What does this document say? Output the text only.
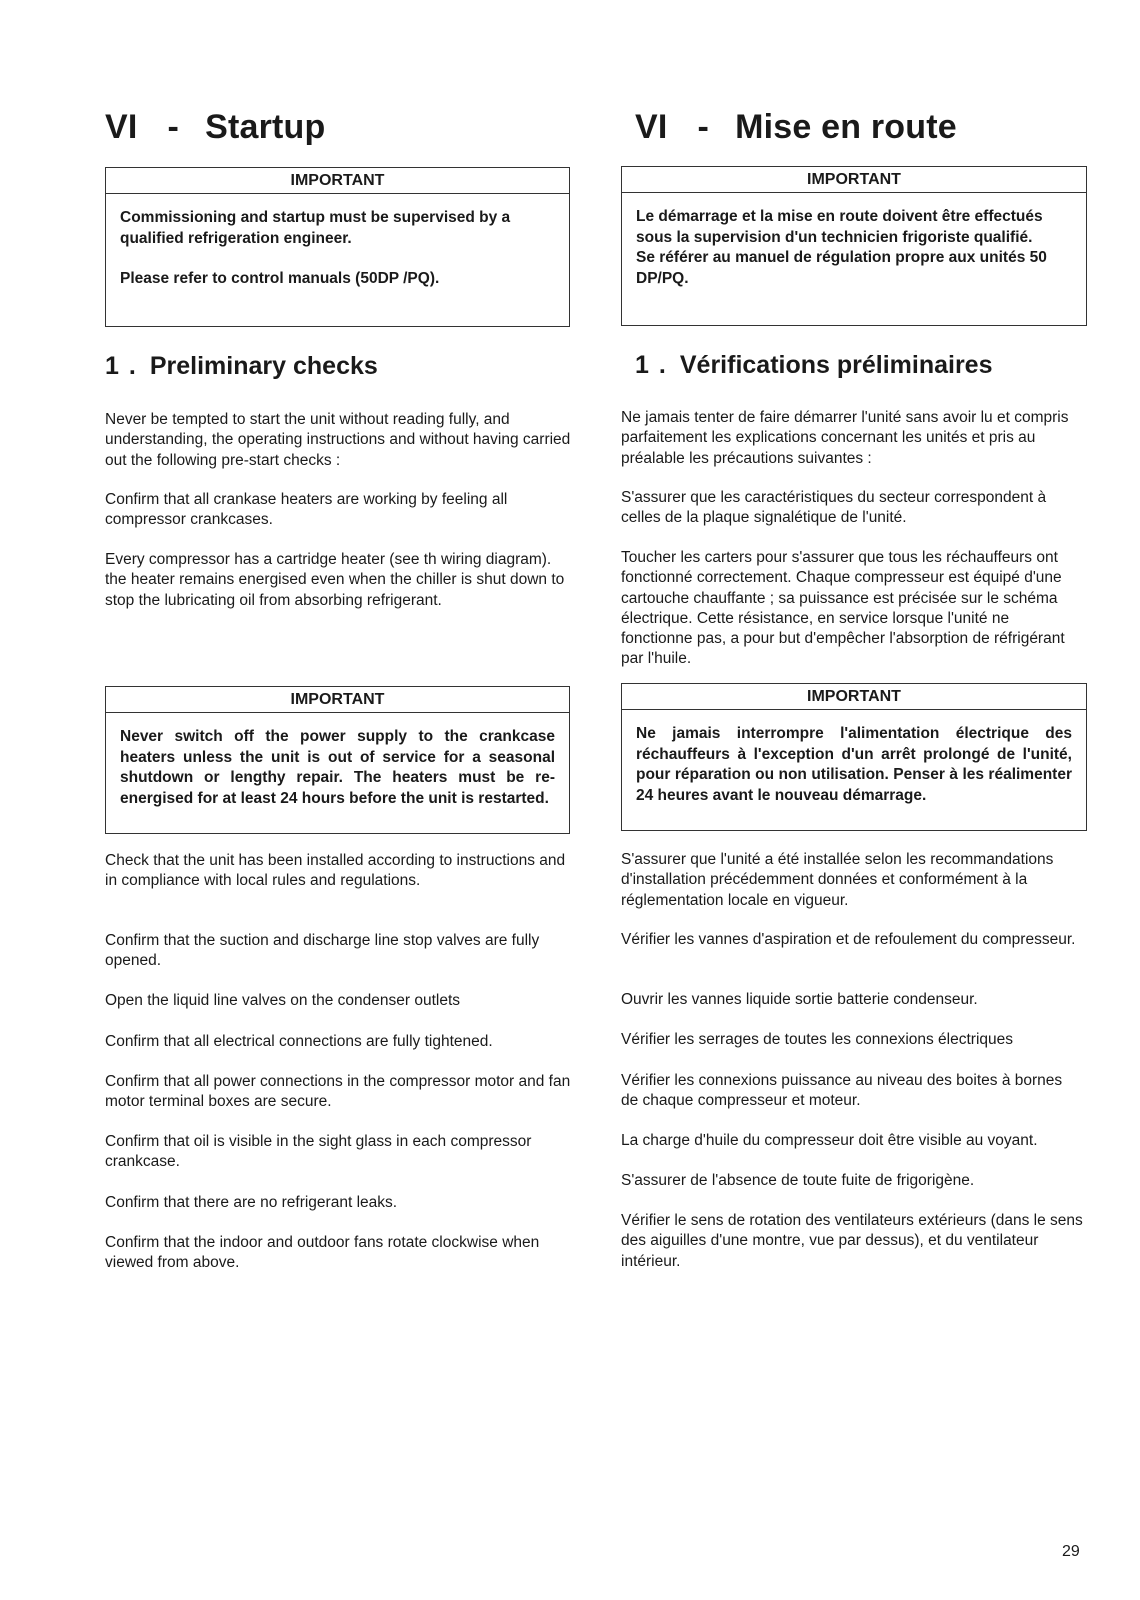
VI - Startup
IMPORTANT

Commissioning and startup must be supervised by a qualified refrigeration engineer.

Please refer to control manuals (50DP /PQ).

1 . Preliminary checks

Never be tempted to start the unit without reading fully, and understanding, the operating instructions and without having carried out the following pre-start checks :

Confirm that all crankase heaters are working by feeling all compressor crankcases.

Every compressor has a cartridge heater (see th wiring diagram). the heater remains energised even when the chiller is shut down to stop the lubricating oil from absorbing refrigerant.

IMPORTANT

Never switch off the power supply to the crankcase heaters unless the unit is out of service for a seasonal shutdown or lengthy repair. The heaters must be re-energised for at least 24 hours before the unit is restarted.

Check that the unit has been installed according to instructions and in compliance with local rules and regulations.

Confirm that the suction and discharge line stop valves are fully opened.

Open the liquid line valves on the condenser outlets

Confirm that all electrical connections are fully tightened.

Confirm that all power connections in the compressor motor and fan motor terminal boxes are secure.

Confirm that oil is visible in the sight glass in each compressor crankcase.

Confirm that there are no refrigerant leaks.

Confirm that the indoor and outdoor fans rotate clockwise when viewed from above.

VI - Mise en route
IMPORTANT

Le démarrage et la mise en route doivent être effectués sous la supervision d'un technicien frigoriste qualifié.

Se référer au manuel de régulation propre aux unités 50 DP/PQ.

1 . Vérifications préliminaires

Ne jamais tenter de faire démarrer l'unité sans avoir lu et compris parfaitement les explications concernant les unités et pris au préalable les précautions suivantes :

S'assurer que les caractéristiques du secteur correspondent à celles de la plaque signalétique de l'unité.

Toucher les carters pour s'assurer que tous les réchauffeurs ont fonctionné correctement. Chaque compresseur est équipé d'une cartouche chauffante ; sa puissance est précisée sur le schéma électrique. Cette résistance, en service lorsque l'unité ne fonctionne pas, a pour but d'empêcher l'absorption de réfrigérant par l'huile.

IMPORTANT

Ne jamais interrompre l'alimentation électrique des réchauffeurs à l'exception d'un arrêt prolongé de l'unité, pour réparation ou non utilisation. Penser à les réalimenter 24 heures avant le nouveau démarrage.

S'assurer que l'unité a été installée selon les recommandations d'installation précédemment données et conformément à la réglementation locale en vigueur.

Vérifier les vannes d'aspiration et de refoulement du compresseur.

Ouvrir les vannes liquide sortie batterie condenseur.

Vérifier les serrages de toutes les connexions électriques

Vérifier les connexions puissance au niveau des boites à bornes de chaque compresseur et moteur.

La charge d'huile du compresseur doit être visible au voyant.

S'assurer de l'absence de toute fuite de frigorigène.

Vérifier le sens de rotation des ventilateurs extérieurs (dans le sens des aiguilles d'une montre, vue par dessus), et du ventilateur intérieur.

29
